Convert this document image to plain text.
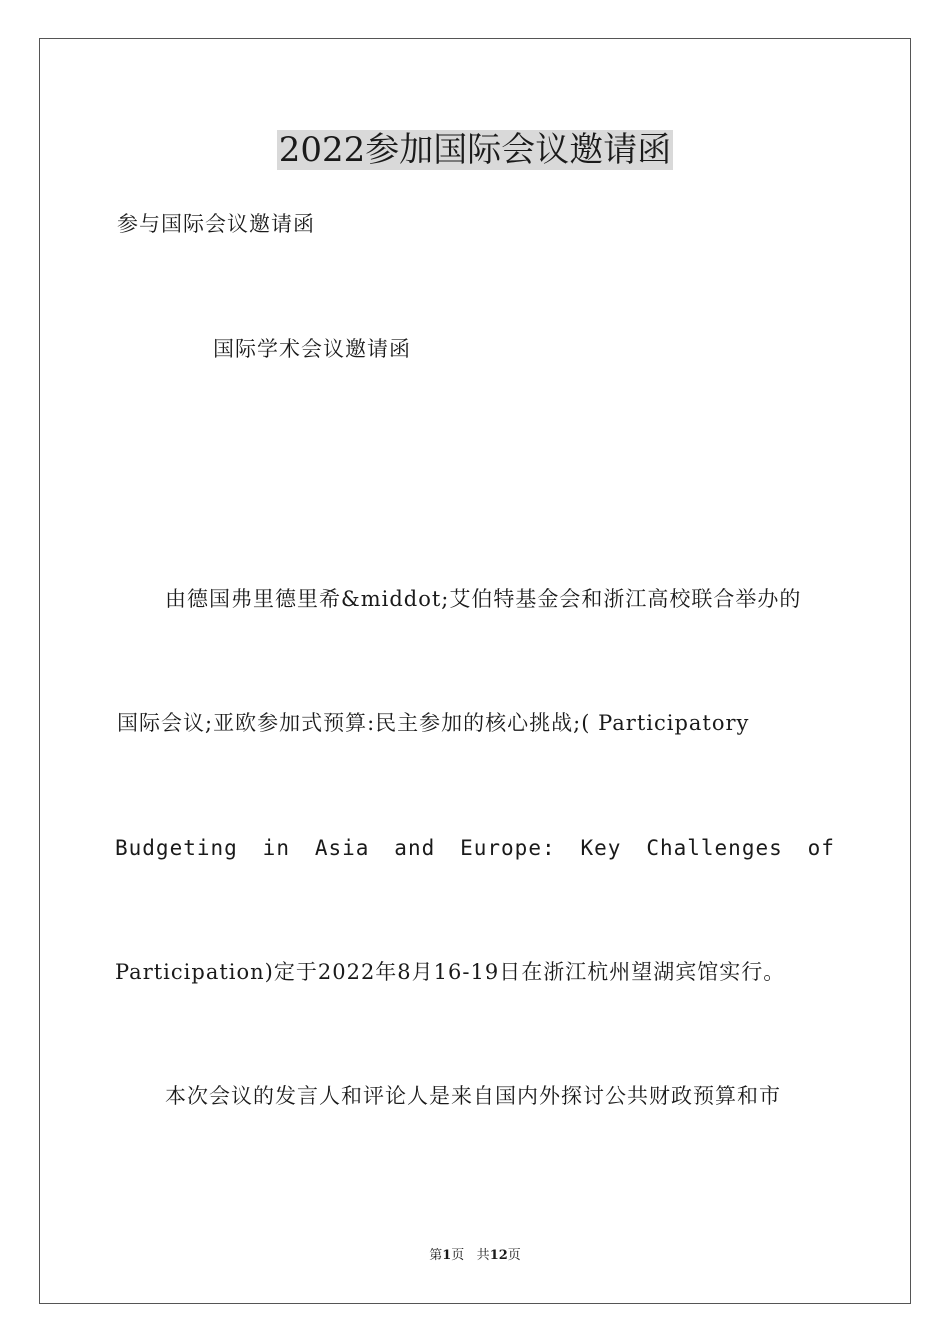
2022参加国际会议邀请函
参与国际会议邀请函
国际学术会议邀请函
由德国弗里德里希&middot;艾伯特基金会和浙江高校联合举办的
国际会议;亚欧参加式预算:民主参加的核心挑战;( Participatory
Budgeting in Asia and Europe: Key Challenges of
Participation)定于2022年8月16-19日在浙江杭州望湖宾馆实行。
本次会议的发言人和评论人是来自国内外探讨公共财政预算和市
第1页 共12页
